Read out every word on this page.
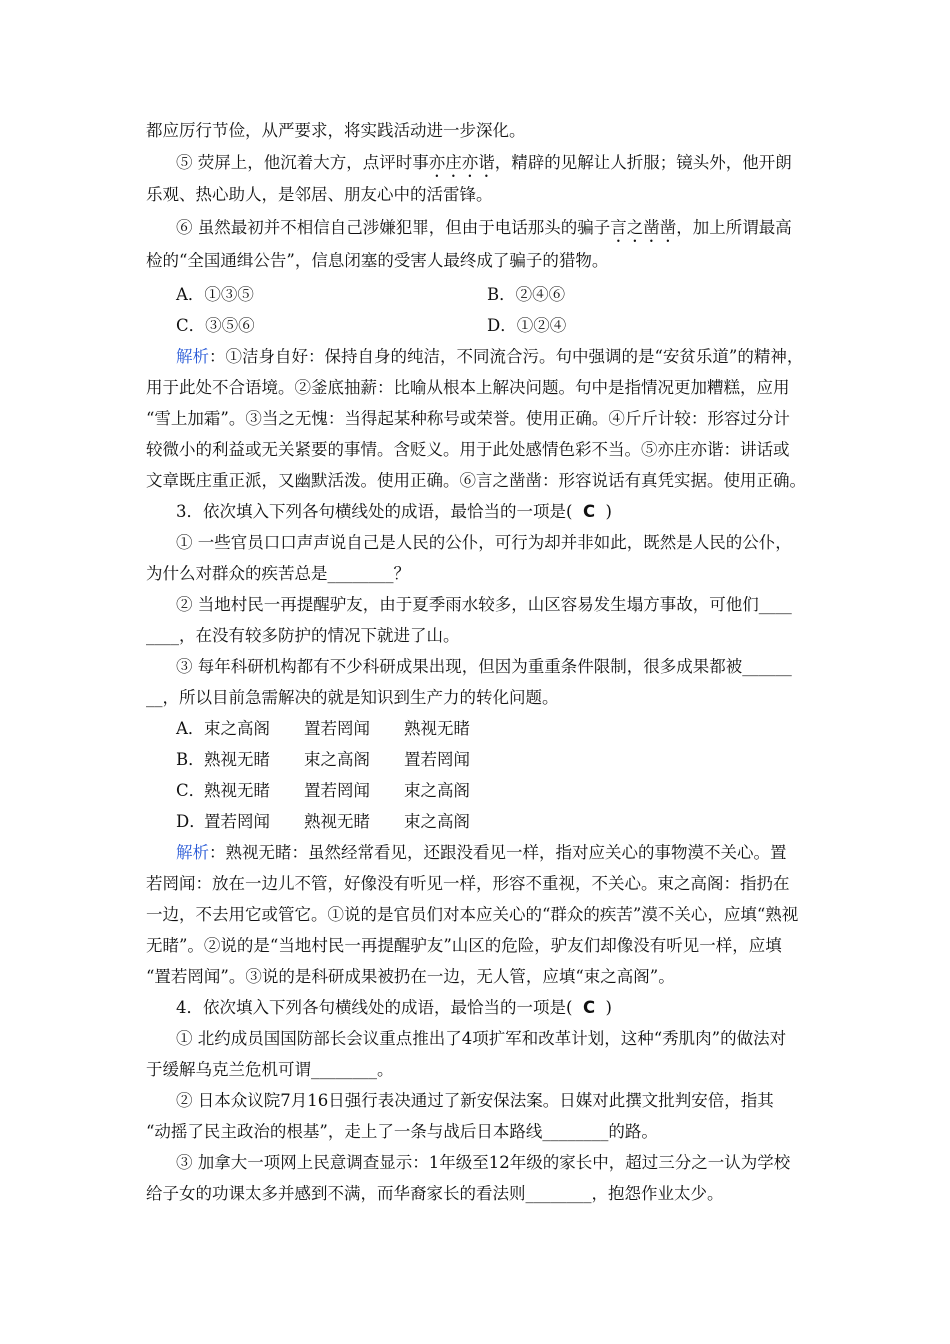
都应厉行节俭，从严要求，将实践活动进一步深化。
⑤ 荧屏上，他沉着大方，点评时事亦庄亦谐，精辟的见解让人折服；镜头外，他开朗
乐观、热心助人，是邻居、朋友心中的活雷锋。
⑥ 虽然最初并不相信自己涉嫌犯罪，但由于电话那头的骗子言之凿凿，加上所谓最高
检的“全国通缉公告”，信息闭塞的受害人最终成了骗子的猎物。
A．①③⑤	B．②④⑥
C．③⑤⑥	D．①②④
解析：①洁身自好：保持自身的纯洁，不同流合污。句中强调的是“安贫乐道”的精神，
用于此处不合语境。②釜底抽薪：比喻从根本上解决问题。句中是指情况更加糟糕，应用
“雪上加霜”。③当之无愧：当得起某种称号或荣誉。使用正确。④斤斤计较：形容过分计
较微小的利益或无关紧要的事情。含贬义。用于此处感情色彩不当。⑤亦庄亦谐：讲话或
文章既庄重正派，又幽默活泼。使用正确。⑥言之凿凿：形容说话有真凭实据。使用正确。
3．依次填入下列各句横线处的成语，最恰当的一项是( C )
① 一些官员口口声声说自己是人民的公仆，可行为却并非如此，既然是人民的公仆，
为什么对群众的疾苦总是________？
② 当地村民一再提醒驴友，由于夏季雨水较多，山区容易发生塌方事故，可他们____
____，在没有较多防护的情况下就进了山。
③ 每年科研机构都有不少科研成果出现，但因为重重条件限制，很多成果都被______
__，所以目前急需解决的就是知识到生产力的转化问题。
A． 束之高阁 置若罔闻 熟视无睹
B． 熟视无睹 束之高阁 置若罔闻
C．
熟视无睹 置若罔闻 束之高阁
D．
置若罔闻 熟视无睹 束之高阁
解析：熟视无睹：虽然经常看见，还跟没看见一样，指对应关心的事物漠不关心。置
若罔闻：放在一边儿不管，好像没有听见一样，形容不重视，不关心。束之高阁：指扔在
一边，不去用它或管它。①说的是官员们对本应关心的“群众的疾苦”漠不关心，应填“熟视
无睹”。②说的是“当地村民一再提醒驴友”山区的危险，驴友们却像没有听见一样，应填
“置若罔闻”。③说的是科研成果被扔在一边，无人管，应填“束之高阁”。
4．依次填入下列各句横线处的成语，最恰当的一项是( C )
① 北约成员国国防部长会议重点推出了4项扩军和改革计划，这种“秀肌肉”的做法对
于缓解乌克兰危机可谓________。
② 日本众议院7月16日强行表决通过了新安保法案。日媒对此撰文批判安倍，指其
“动摇了民主政治的根基”，走上了一条与战后日本路线________的路。
③ 加拿大一项网上民意调查显示：1年级至12年级的家长中，超过三分之一认为学校
给子女的功课太多并感到不满，而华裔家长的看法则________，抱怨作业太少。
